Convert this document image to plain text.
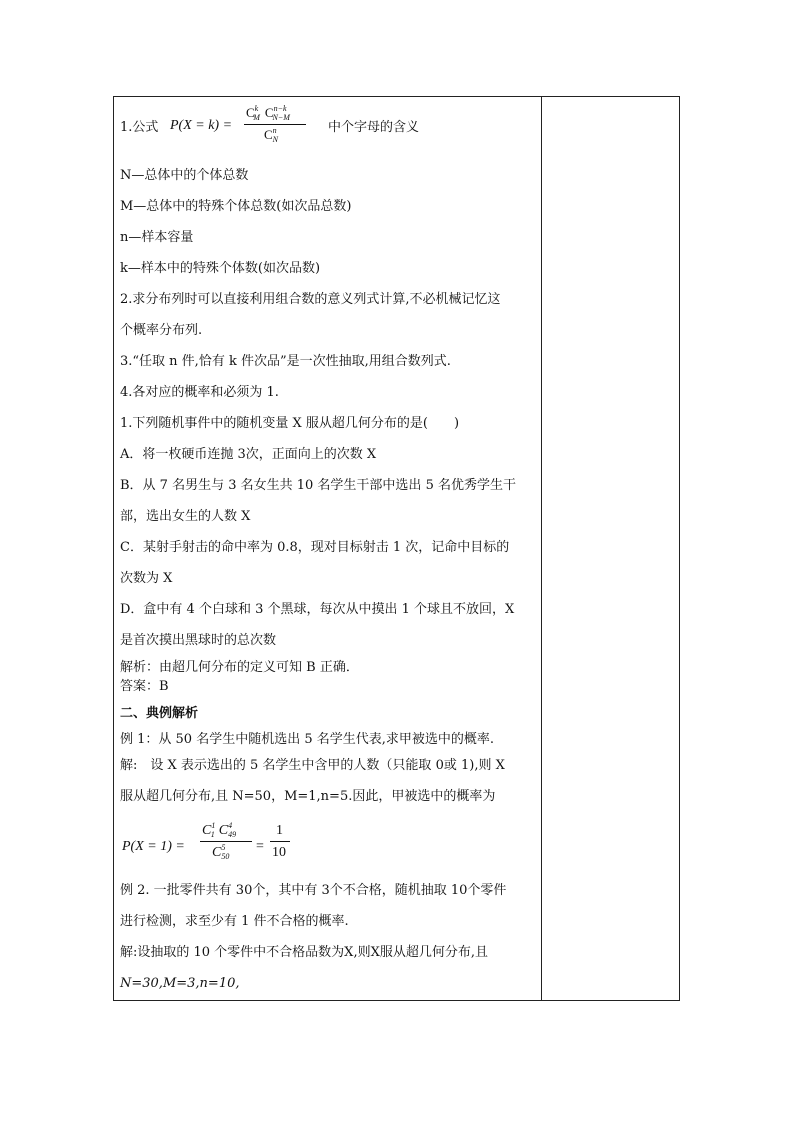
1.公式 P(X = k) =
$C^k_M$ $C^{n-k}_{N-M}$
$C^n_N$
中个字母的含义
N—总体中的个体总数
M—总体中的特殊个体总数(如次品总数)
n—样本容量
k—样本中的特殊个体数(如次品数)
2.求分布列时可以直接利用组合数的意义列式计算,不必机械记忆这
个概率分布列.
3.“任取 n 件,恰有 k 件次品”是一次性抽取,用组合数列式.
4.各对应的概率和必须为 1.
1.下列随机事件中的随机变量 X 服从超几何分布的是(　　)
A．将一枚硬币连抛 3次，正面向上的次数 X
B．从 7 名男生与 3 名女生共 10 名学生干部中选出 5 名优秀学生干
部，选出女生的人数 X
C．某射手射击的命中率为 0.8，现对目标射击 1 次，记命中目标的
次数为 X
D．盒中有 4 个白球和 3 个黑球，每次从中摸出 1 个球且不放回，X
是首次摸出黑球时的总次数
解析：由超几何分布的定义可知 B 正确．
答案：B
二、典例解析
例 1：从 50 名学生中随机选出 5 名学生代表,求甲被选中的概率.
解:　设 X 表示选出的 5 名学生中含甲的人数（只能取 0或 1),则 X
服从超几何分布,且 N=50，M=1,n=5.因此，甲被选中的概率为
P(X = 1) =
$C^1_1$ $C^4_{49}$
$C^5_{50}$
=
1
10
例 2. 一批零件共有 30个，其中有 3个不合格，随机抽取 10个零件
进行检测，求至少有 1 件不合格的概率.
解:设抽取的 10 个零件中不合格品数为X,则X服从超几何分布,且
N=30,M=3,n=10,
